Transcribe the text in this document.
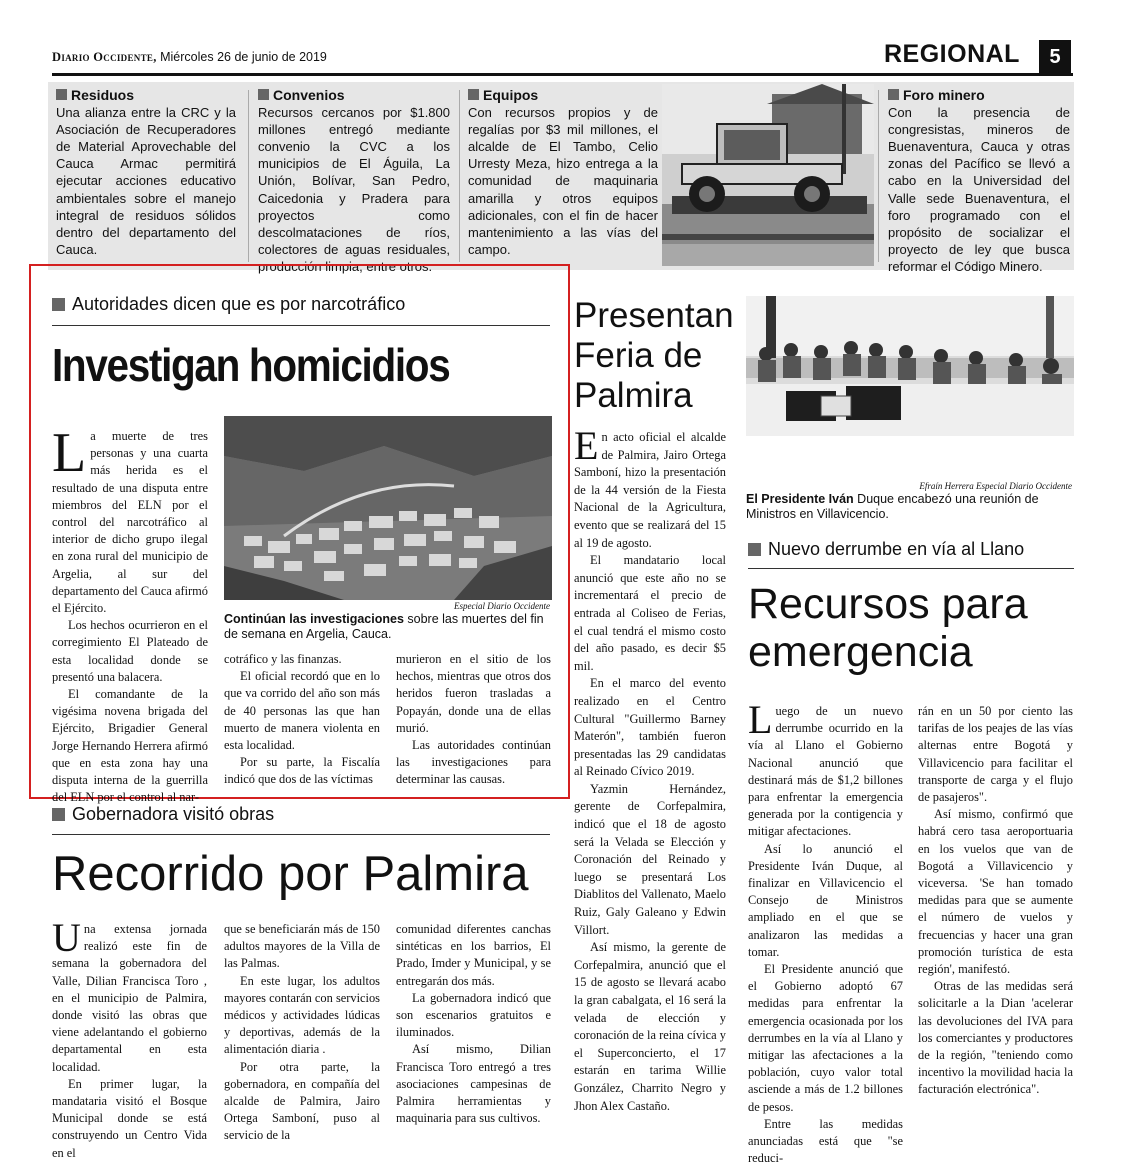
Diario Occidente, Miércoles 26 de junio de 2019	REGIONAL	5
Residuos
Una alianza entre la CRC y la Asociación de Recuperadores de Material Aprovechable del Cauca Armac permitirá ejecutar acciones educativo ambientales sobre el manejo integral de residuos sólidos dentro del departamento del Cauca.
Convenios
Recursos cercanos por $1.800 millones entregó mediante convenio la CVC a los municipios de El Águila, La Unión, Bolívar, San Pedro, Caicedonia y Pradera para proyectos como descolmataciones de ríos, colectores de aguas residuales, producción limpia, entre otros.
Equipos
Con recursos propios y de regalías por $3 mil millones, el alcalde de El Tambo, Celio Urresty Meza, hizo entrega a la comunidad de maquinaria amarilla y otros equipos adicionales, con el fin de hacer mantenimiento a las vías del campo.
Foro minero
Con la presencia de congresistas, mineros de Buenaventura, Cauca y otras zonas del Pacífico se llevó a cabo en la Universidad del Valle sede Buenaventura, el foro programado con el propósito de socializar el proyecto de ley que busca reformar el Código Minero.
Autoridades dicen que es por narcotráfico
Investigan homicidios

La muerte de tres personas y una cuarta más herida es el resultado de una disputa entre miembros del ELN por el control del narcotráfico al interior de dicho grupo ilegal en zona rural del municipio de Argelia, al sur del departamento del Cauca afirmó el Ejército.

Los hechos ocurrieron en el corregimiento El Plateado de esta localidad donde se presentó una balacera.

El comandante de la vigésima novena brigada del Ejército, Brigadier General Jorge Hernando Herrera afirmó que en esta zona hay una disputa interna de la guerrilla del ELN por el control al nar-

Especial Diario Occidente
Continúan las investigaciones sobre las muertes del fin de semana en Argelia, Cauca.

cotráfico y las finanzas.

El oficial recordó que en lo que va corrido del año son más de 40 personas las que han muerto de manera violenta en esta localidad.

Por su parte, la Fiscalía indicó que dos de las víctimas

murieron en el sitio de los hechos, mientras que otros dos heridos fueron trasladas a Popayán, donde una de ellas murió.

Las autoridades continúan las investigaciones para determinar las causas.

Presentan Feria de Palmira

En acto oficial el alcalde de Palmira, Jairo Ortega Samboní, hizo la presentación de la 44 versión de la Fiesta Nacional de la Agricultura, evento que se realizará del 15 al 19 de agosto.

El mandatario local anunció que este año no se incrementará el precio de entrada al Coliseo de Ferias, el cual tendrá el mismo costo del año pasado, es decir $5 mil.

En el marco del evento realizado en el Centro Cultural "Guillermo Barney Materón", también fueron presentadas las 29 candidatas al Reinado Cívico 2019.

Yazmin Hernández, gerente de Corfepalmira, indicó que el 18 de agosto será la Velada se Elección y Coronación del Reinado y luego se presentará Los Diablitos del Vallenato, Maelo Ruiz, Galy Galeano y Edwin Villort.

Así mismo, la gerente de Corfepalmira, anunció que el 15 de agosto se llevará acabo la gran cabalgata, el 16 será la velada de elección y coronación de la reina cívica y el Superconcierto, el 17 estarán en tarima Willie González, Charrito Negro y Jhon Alex Castaño.

Efraín Herrera Especial Diario Occidente
El Presidente Iván Duque encabezó una reunión de Ministros en Villavicencio.
Nuevo derrumbe en vía al Llano
Recursos para emergencia

Luego de un nuevo derrumbe ocurrido en la vía al Llano el Gobierno Nacional anunció que destinará más de $1,2 billones para enfrentar la emergencia generada por la contigencia y mitigar afectaciones.

Así lo anunció el Presidente Iván Duque, al finalizar en Villavicencio el Consejo de Ministros ampliado en el que se analizaron las medidas a tomar.

El Presidente anunció que el Gobierno adoptó 67 medidas para enfrentar la emergencia ocasionada por los derrumbes en la vía al Llano y mitigar las afectaciones a la población, cuyo valor total asciende a más de 1.2 billones de pesos.

Entre las medidas anunciadas está que "se reduci-

rán en un 50 por ciento las tarifas de los peajes de las vías alternas entre Bogotá y Villavicencio para facilitar el transporte de carga y el flujo de pasajeros".

Así mismo, confirmó que habrá cero tasa aeroportuaria en los vuelos que van de Bogotá a Villavicencio y viceversa. 'Se han tomado medidas para que se aumente el número de vuelos y frecuencias y hacer una gran promoción turística de esta región', manifestó.

Otras de las medidas será solicitarle a la Dian 'acelerar las devoluciones del IVA para los comerciantes y productores de la región, "teniendo como incentivo la movilidad hacia la facturación electrónica".

Gobernadora visitó obras
Recorrido por Palmira

Una extensa jornada realizó este fin de semana la gobernadora del Valle, Dilian Francisca Toro , en el municipio de Palmira, donde visitó las obras que viene adelantando el gobierno departamental en esta localidad.

En primer lugar, la mandataria visitó el Bosque Municipal donde se está construyendo un Centro Vida en el

que se beneficiarán más de 150 adultos mayores de la Villa de las Palmas.

En este lugar, los adultos mayores contarán con servicios médicos y actividades lúdicas y deportivas, además de la alimentación diaria .

Por otra parte, la gobernadora, en compañía del alcalde de Palmira, Jairo Ortega Samboní, puso al servicio de la

comunidad diferentes canchas sintéticas en los barrios, El Prado, Imder y Municipal, y se entregarán dos más.

La gobernadora indicó que son escenarios gratuitos e iluminados.

Así mismo, Dilian Francisca Toro entregó a tres asociaciones campesinas de Palmira herramientas y maquinaria para sus cultivos.
